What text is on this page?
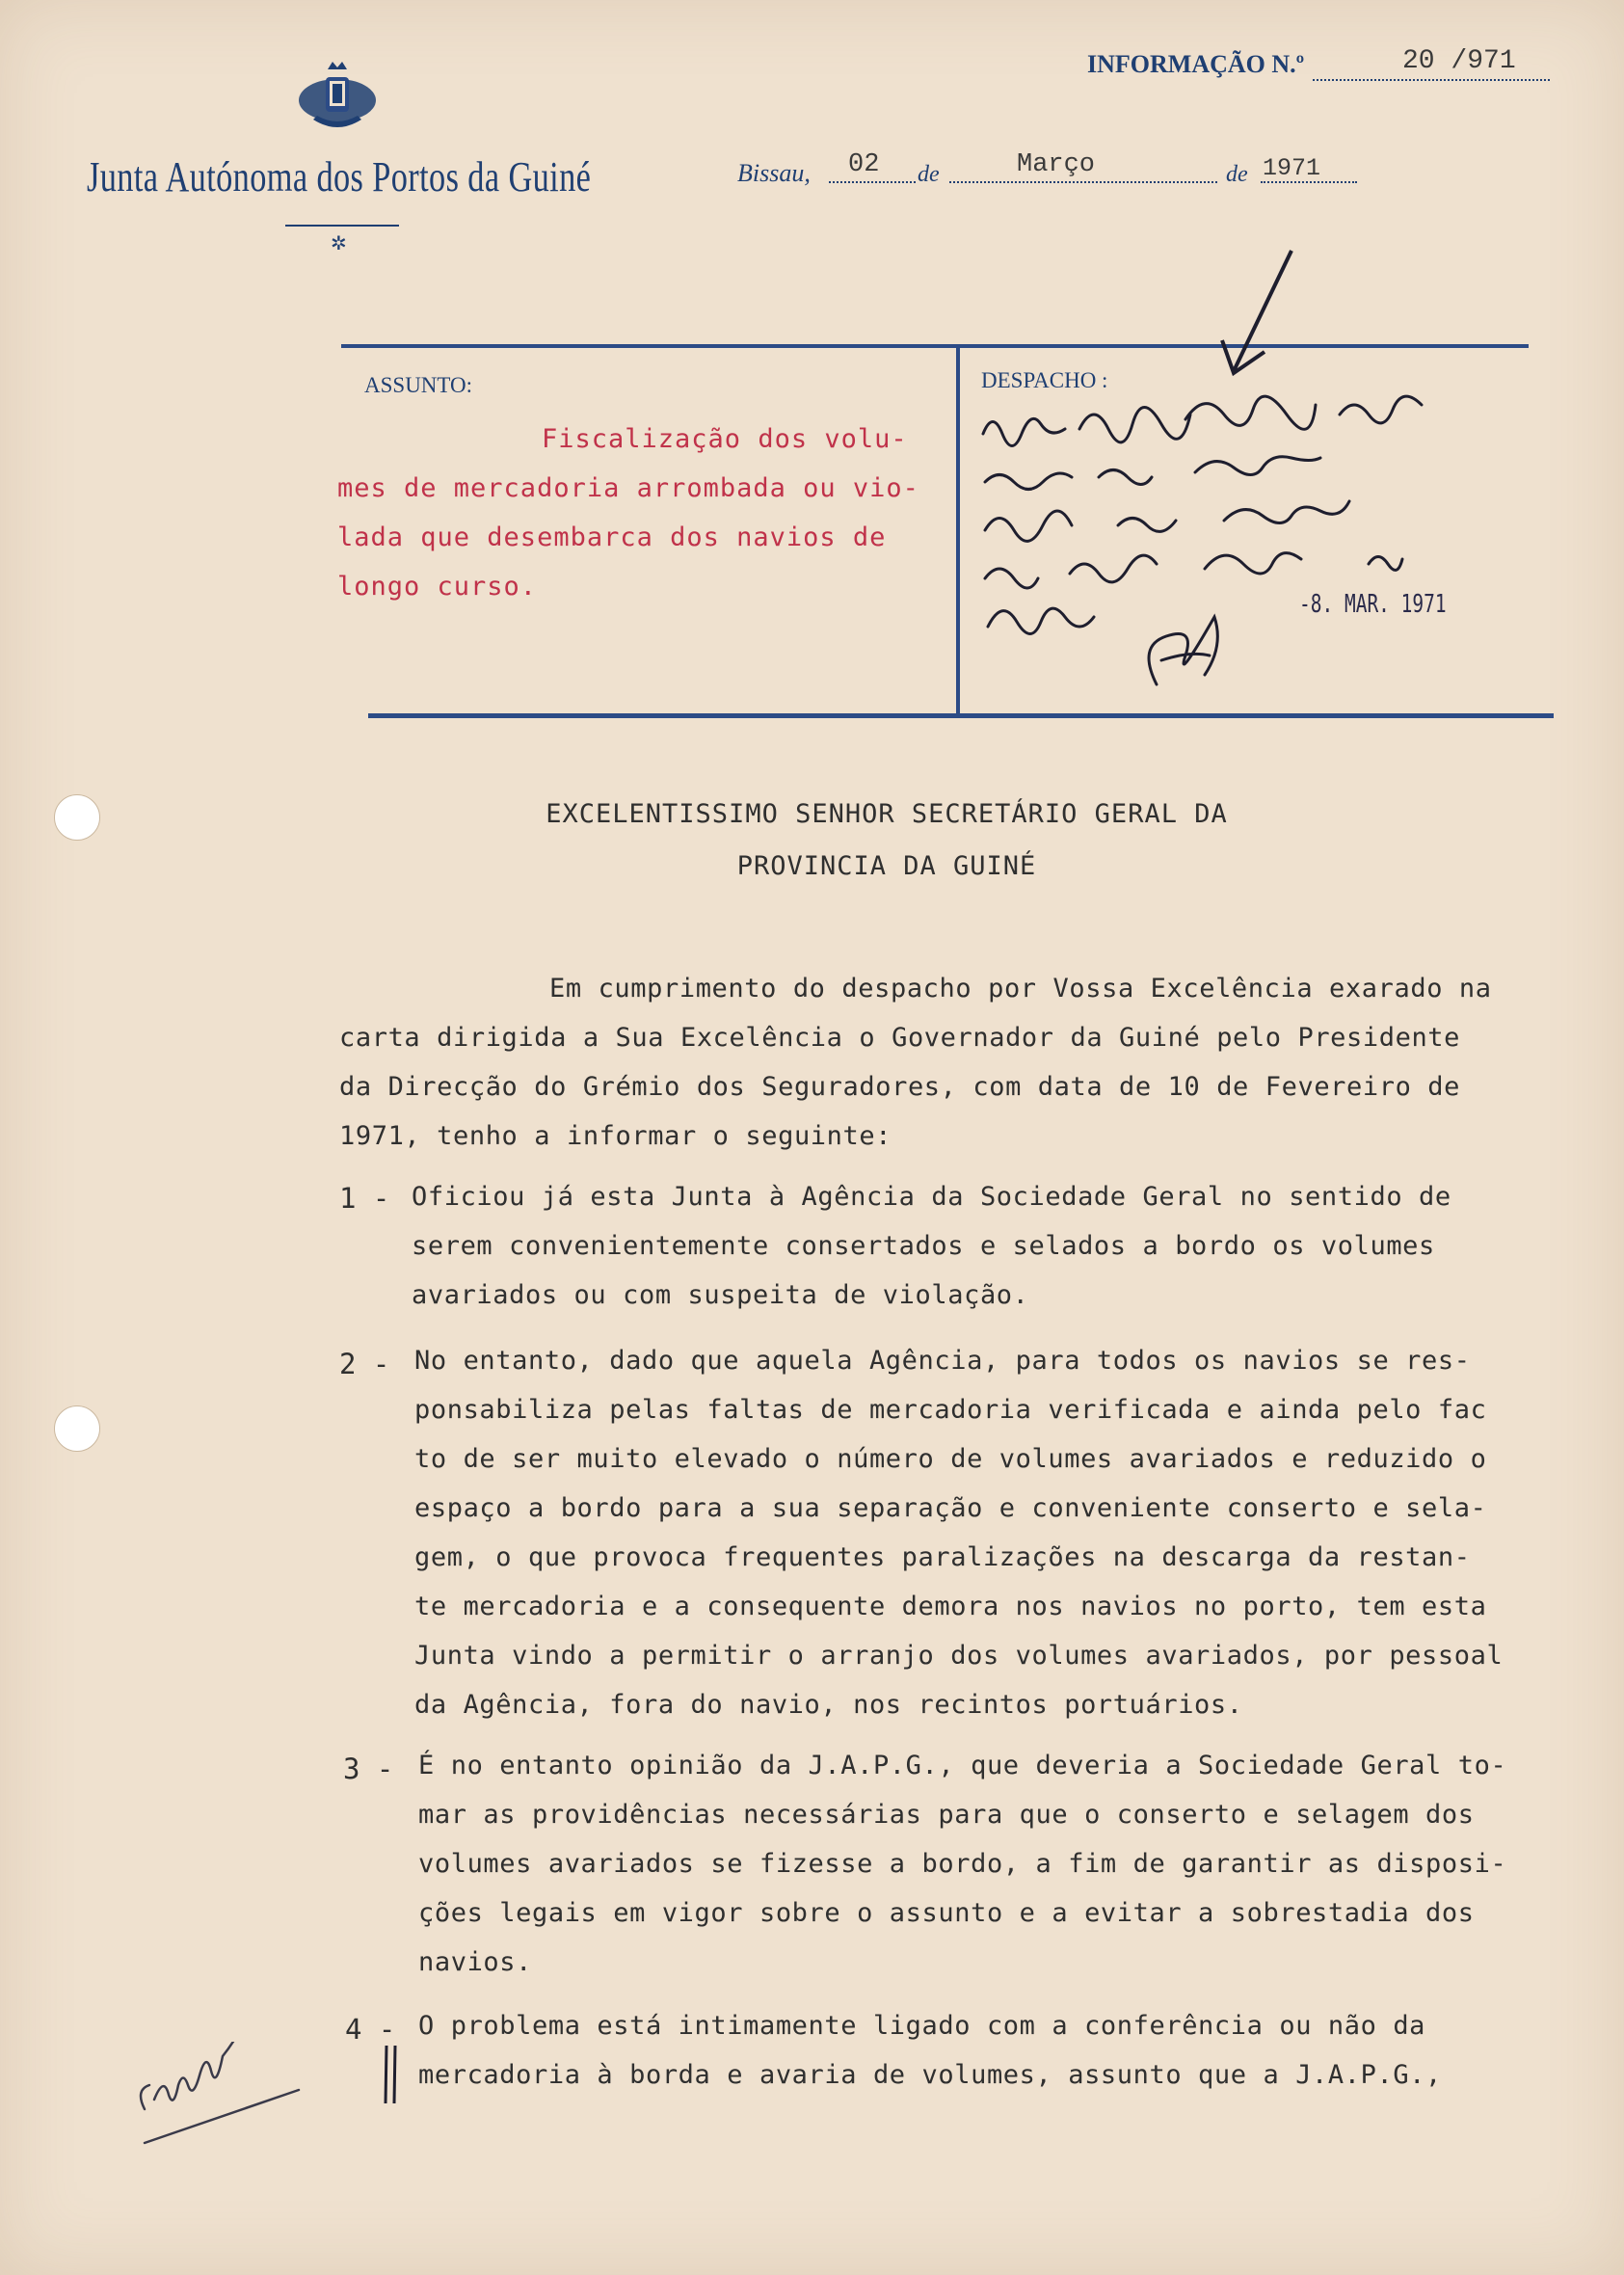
Junta Autónoma dos Portos da Guiné
✲
INFORMAÇÃO N.º	20 /971
Bissau, 02 de	Março	de 1971
ASSUNTO:	DESPACHO :
Fiscalização dos volu-
mes de mercadoria arrombada ou vio-
lada que desembarca dos navios de
longo curso.
-8. MAR. 1971
EXCELENTISSIMO SENHOR SECRETÁRIO GERAL DA
PROVINCIA DA GUINÉ
Em cumprimento do despacho por Vossa Excelência exarado na
carta dirigida a Sua Excelência o Governador da Guiné pelo Presidente
da Direcção do Grémio dos Seguradores, com data de 10 de Fevereiro de
1971, tenho a informar o seguinte:
1 - Oficiou já esta Junta à Agência da Sociedade Geral no sentido de
serem convenientemente consertados e selados a bordo os volumes
avariados ou com suspeita de violação.
2 - No entanto, dado que aquela Agência, para todos os navios se res-
ponsabiliza pelas faltas de mercadoria verificada e ainda pelo fac
to de ser muito elevado o número de volumes avariados e reduzido o
espaço a bordo para a sua separação e conveniente conserto e sela-
gem, o que provoca frequentes paralizações na descarga da restan-
te mercadoria e a consequente demora nos navios no porto, tem esta
Junta vindo a permitir o arranjo dos volumes avariados, por pessoal
da Agência, fora do navio, nos recintos portuários.
3 - É no entanto opinião da J.A.P.G., que deveria a Sociedade Geral to-
mar as providências necessárias para que o conserto e selagem dos
volumes avariados se fizesse a bordo, a fim de garantir as disposi-
ções legais em vigor sobre o assunto e a evitar a sobrestadia dos
navios.
4 - O problema está intimamente ligado com a conferência ou não da
mercadoria à borda e avaria de volumes, assunto que a J.A.P.G.,
